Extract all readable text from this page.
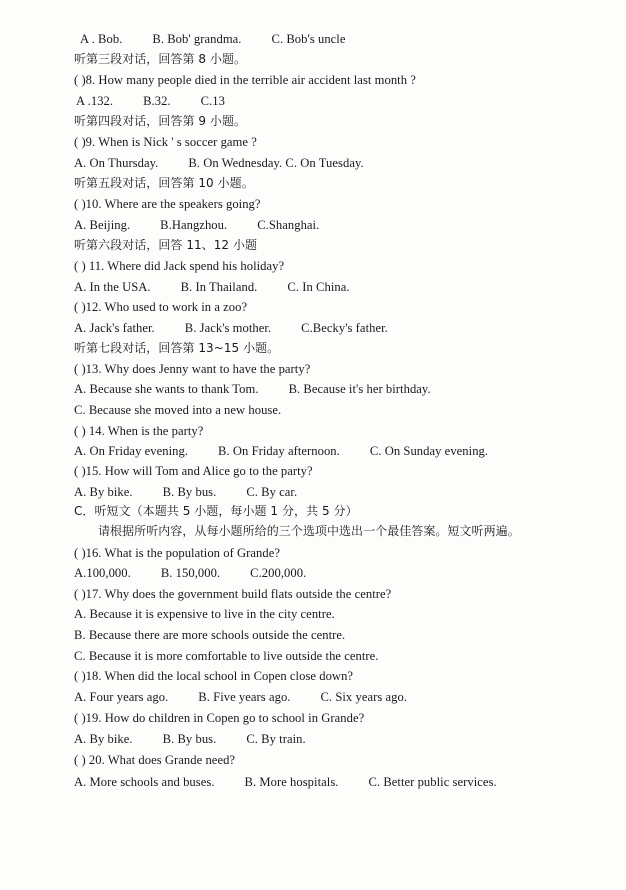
A . Bob. B. Bob' grandma. C. Bob's uncle
听第三段对话，回答第 8 小题。
( )8. How many people died in the terrible air accident last month ?
A .132. B.32. C.13
听第四段对话，回答第 9 小题。
( )9. When is Nick ' s soccer game ?
A. On Thursday. B. On Wednesday. C. On Tuesday.
听第五段对话，回答第 10 小题。
( )10. Where are the speakers going?
A. Beijing. B.Hangzhou. C.Shanghai.
听第六段对话，回答 11、12 小题
( ) 11. Where did Jack spend his holiday?
A. In the USA. B. In Thailand. C. In China.
( )12. Who used to work in a zoo?
A. Jack's father. B. Jack's mother. C.Becky's father.
听第七段对话，回答第 13~15 小题。
( )13. Why does Jenny want to have the party?
A. Because she wants to thank Tom. B. Because it's her birthday.
C. Because she moved into a new house.
( ) 14. When is the party?
A. On Friday evening. B. On Friday afternoon. C. On Sunday evening.
( )15. How will Tom and Alice go to the party?
A. By bike. B. By bus. C. By car.
C．听短文（本题共 5 小题，每小题 1 分，共 5 分）
请根据所听内容，从每小题所给的三个选项中选出一个最佳答案。短文听两遍。
( )16. What is the population of Grande?
A.100,000. B. 150,000. C.200,000.
( )17. Why does the government build flats outside the centre?
A. Because it is expensive to live in the city centre.
B. Because there are more schools outside the centre.
C. Because it is more comfortable to live outside the centre.
( )18. When did the local school in Copen close down?
A. Four years ago. B. Five years ago. C. Six years ago.
( )19. How do children in Copen go to school in Grande?
A. By bike. B. By bus. C. By train.
( ) 20. What does Grande need?
A. More schools and buses. B. More hospitals. C. Better public services.
